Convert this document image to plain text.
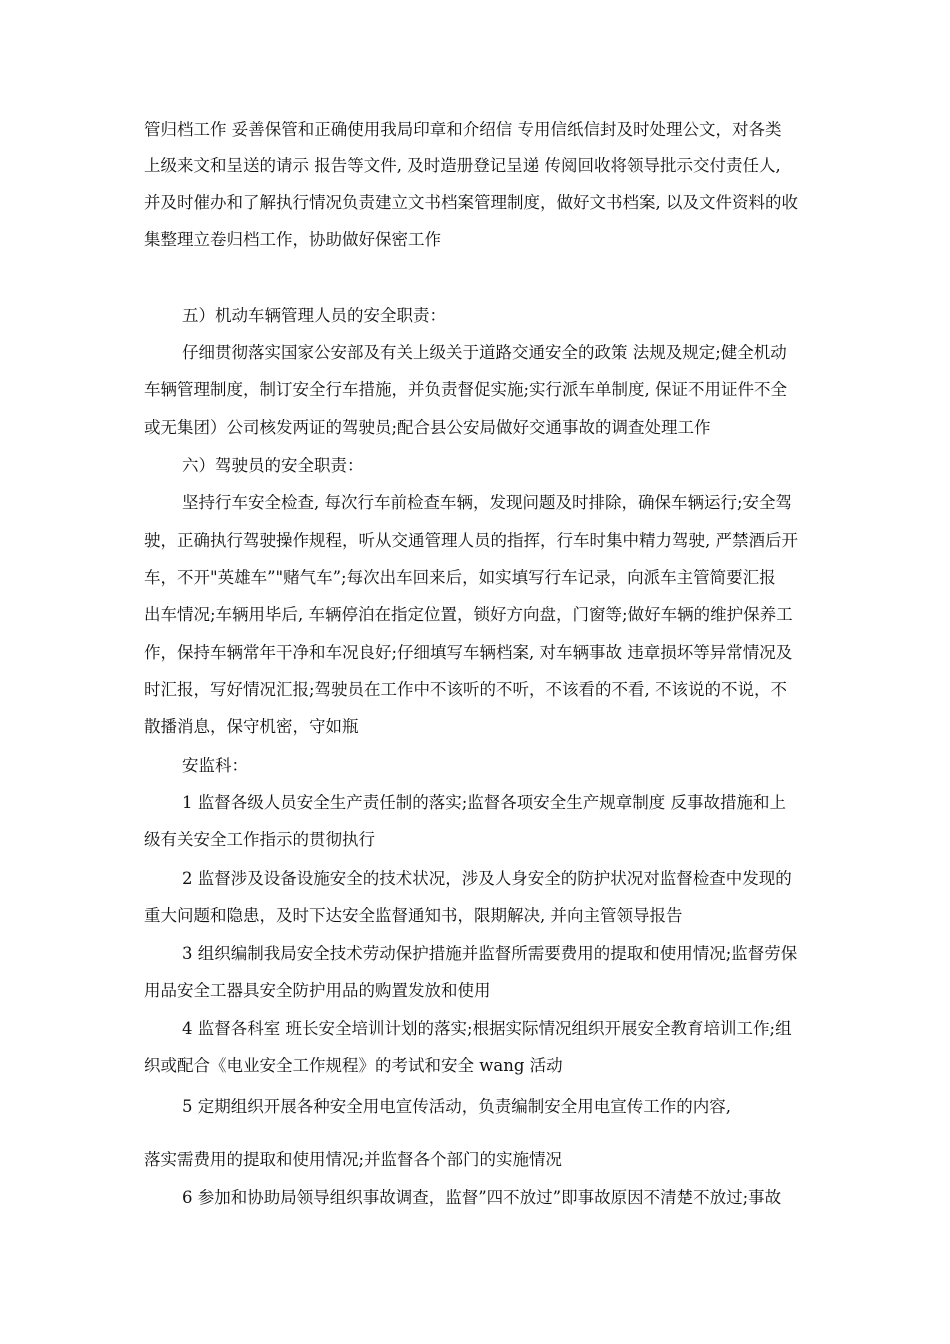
管归档工作 妥善保管和正确使用我局印章和介绍信 专用信纸信封及时处理公文，对各类
上级来文和呈送的请示 报告等文件, 及时造册登记呈递 传阅回收将领导批示交付责任人,
并及时催办和了解执行情况负责建立文书档案管理制度，做好文书档案, 以及文件资料的收
集整理立卷归档工作，协助做好保密工作
五）机动车辆管理人员的安全职责：
仔细贯彻落实国家公安部及有关上级关于道路交通安全的政策 法规及规定;健全机动
车辆管理制度，制订安全行车措施，并负责督促实施;实行派车单制度, 保证不用证件不全
或无集团）公司核发两证的驾驶员;配合县公安局做好交通事故的调查处理工作
六）驾驶员的安全职责：
坚持行车安全检查, 每次行车前检查车辆，发现问题及时排除，确保车辆运行;安全驾
驶，正确执行驾驶操作规程，听从交通管理人员的指挥，行车时集中精力驾驶, 严禁酒后开
车，不开"英雄车”"赌气车”;每次出车回来后，如实填写行车记录，向派车主管简要汇报
出车情况;车辆用毕后, 车辆停泊在指定位置，锁好方向盘，门窗等;做好车辆的维护保养工
作，保持车辆常年干净和车况良好;仔细填写车辆档案, 对车辆事故 违章损坏等异常情况及
时汇报，写好情况汇报;驾驶员在工作中不该听的不听，不该看的不看, 不该说的不说，不
散播消息，保守机密，守如瓶
安监科：
1 监督各级人员安全生产责任制的落实;监督各项安全生产规章制度 反事故措施和上
级有关安全工作指示的贯彻执行
2 监督涉及设备设施安全的技术状况，涉及人身安全的防护状况对监督检查中发现的
重大问题和隐患，及时下达安全监督通知书，限期解决, 并向主管领导报告
3 组织编制我局安全技术劳动保护措施并监督所需要费用的提取和使用情况;监督劳保
用品安全工器具安全防护用品的购置发放和使用
4 监督各科室 班长安全培训计划的落实;根据实际情况组织开展安全教育培训工作;组
织或配合《电业安全工作规程》的考试和安全 wang 活动
5 定期组织开展各种安全用电宣传活动，负责编制安全用电宣传工作的内容,
落实需费用的提取和使用情况;并监督各个部门的实施情况
6 参加和协助局领导组织事故调查，监督”四不放过”即事故原因不清楚不放过;事故
